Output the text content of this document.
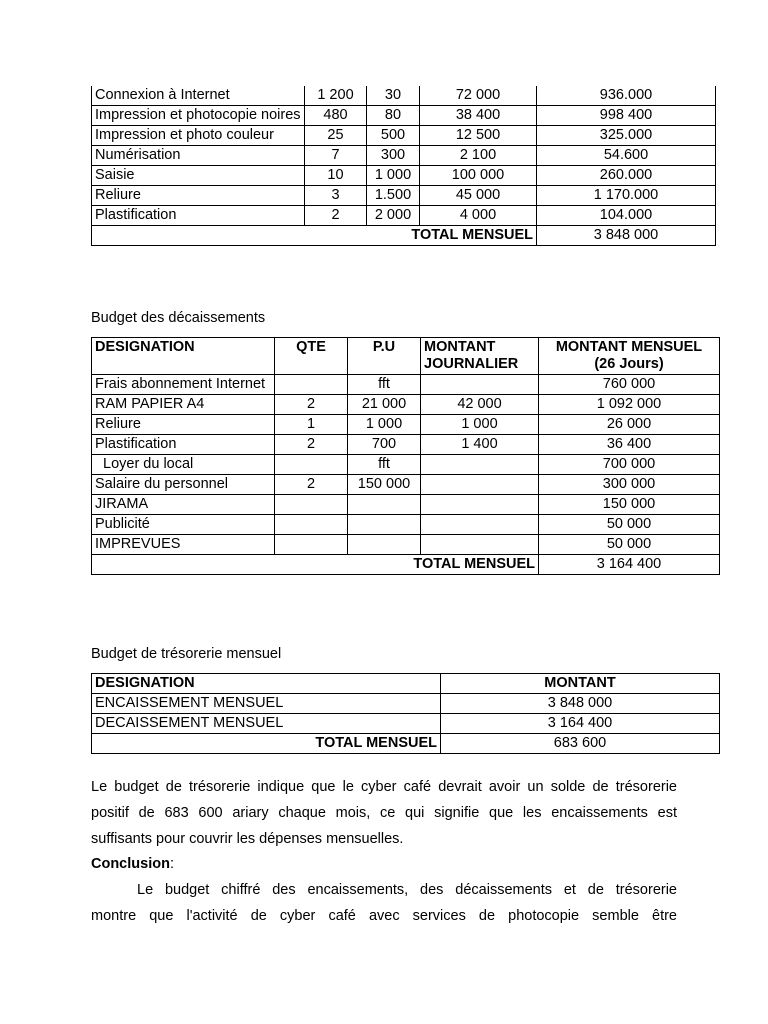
Connexion à Internet	1 200	30	72 000	936.000
Impression et photocopie noires	480	80	38 400	998 400
Impression et photo couleur	25	500	12 500	325.000
Numérisation	7	300	2 100	54.600
Saisie	10	1 000	100 000	260.000
Reliure	3	1.500	45 000	1 170.000
Plastification	2	2 000	4 000	104.000
TOTAL MENSUEL				3 848 000

Budget des décaissements

DESIGNATION	QTE	P.U	MONTANT JOURNALIER	MONTANT MENSUEL
(26 Jours)
Frais abonnement Internet		fft		760 000
RAM PAPIER A4	2	21 000	42 000	1 092 000
Reliure	1	1 000	1 000	26 000
Plastification	2	700	1 400	36 400
Loyer du local		fft		700 000
Salaire du personnel	2	150 000		300 000
JIRAMA				150 000
Publicité				50 000
IMPREVUES				50 000
TOTAL MENSUEL				3 164 400

Budget de trésorerie mensuel

DESIGNATION	MONTANT
ENCAISSEMENT MENSUEL	3 848 000
DECAISSEMENT MENSUEL	3 164 400
TOTAL MENSUEL	683 600

Le budget de trésorerie indique que le cyber café devrait avoir un solde de trésorerie
positif de 683 600 ariary chaque mois, ce qui signifie que les encaissements est
suffisants pour couvrir les dépenses mensuelles.

Conclusion:

Le budget chiffré des encaissements, des décaissements et de trésorerie
montre que l'activité de cyber café avec services de photocopie semble être
